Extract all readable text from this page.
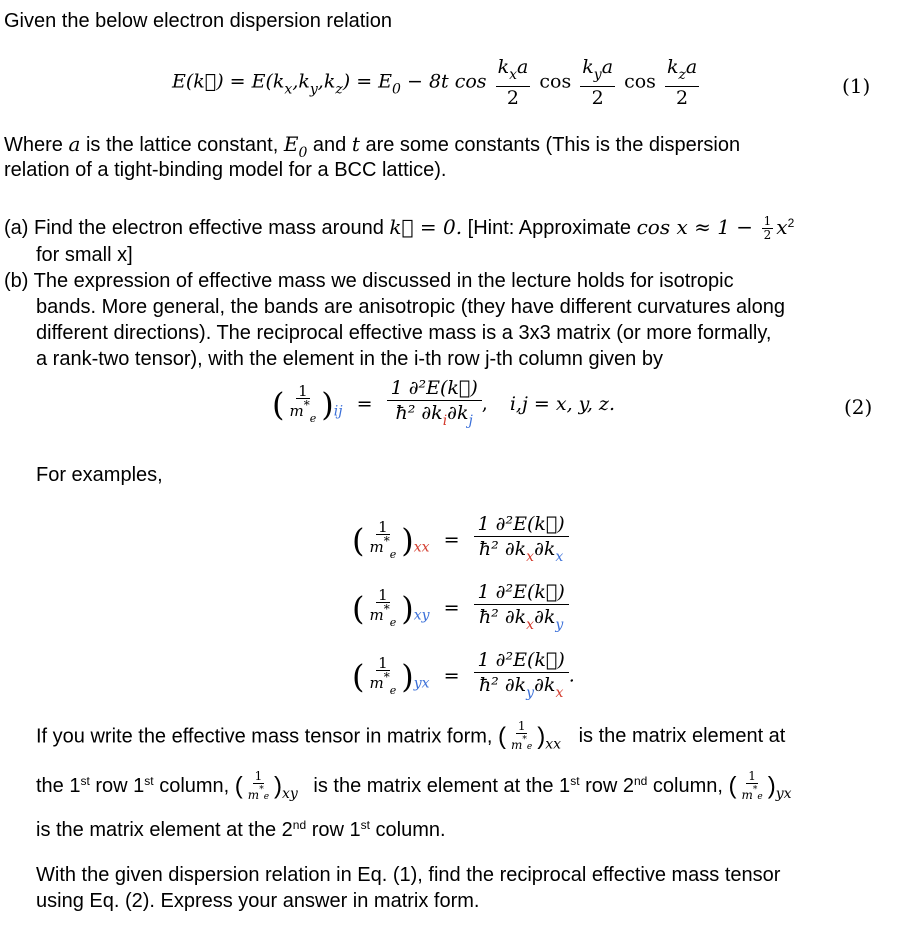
Given the below electron dispersion relation
E(k⃗) = $E(k_x,k_y,k_z) = E_0 - 8t$ $\cos \frac{k_xa}{2}$ $\cos \frac{k_ya}{2}$ $\cos \frac{k_za}{2}$	(1)
Where a is the lattice constant, $E_0$ and t are some constants (This is the dispersion
relation of a tight-binding model for a BCC lattice).
(a) Find the electron effective mass around k⃗ = 0. [Hint: Approximate $\cos x \approx 1 - \frac{1}{2} x^2$
for small x]
(b) The expression of effective mass we discussed in the lecture holds for isotropic
bands. More general, the bands are anisotropic (they have different curvatures along
different directions). The reciprocal effective mass is a 3x3 matrix (or more formally,
a rank-two tensor), with the element in the i-th row j-th column given by
( $\frac{1}{m^*_e} )_{ij} = \frac{\text{1 ∂²E(k⃗)}}{ħ^2 \partial k_i\partial k_j}$ , i,j = x, y, z.	(2)
For examples,
( $\frac{1}{m^*_e} )_{xx} = \frac{\text{1 ∂²E(k⃗)}}{ħ^2 \partial k_x\partial k_x}$
( $\frac{1}{m^*_e} )_{xy} = \frac{\text{1 ∂²E(k⃗)}}{ħ^2 \partial k_x\partial k_y}$
( $\frac{1}{m^*_e} )_{yx} = \frac{\text{1 ∂²E(k⃗)}}{ħ^2 \partial k_y\partial k_x}$ .
If you write the effective mass tensor in matrix form, ( $\frac{1}{m^*e} )_{xx}$ is the matrix element at
the 1st row 1st column, ( $\frac{1}{m^*e} )_{xy}$ is the matrix element at the 1st row 2nd column, ( $\frac{1}{m^*e} )_{yx}$
is the matrix element at the 2nd row 1st column.
With the given dispersion relation in Eq. (1), find the reciprocal effective mass tensor
using Eq. (2). Express your answer in matrix form.
